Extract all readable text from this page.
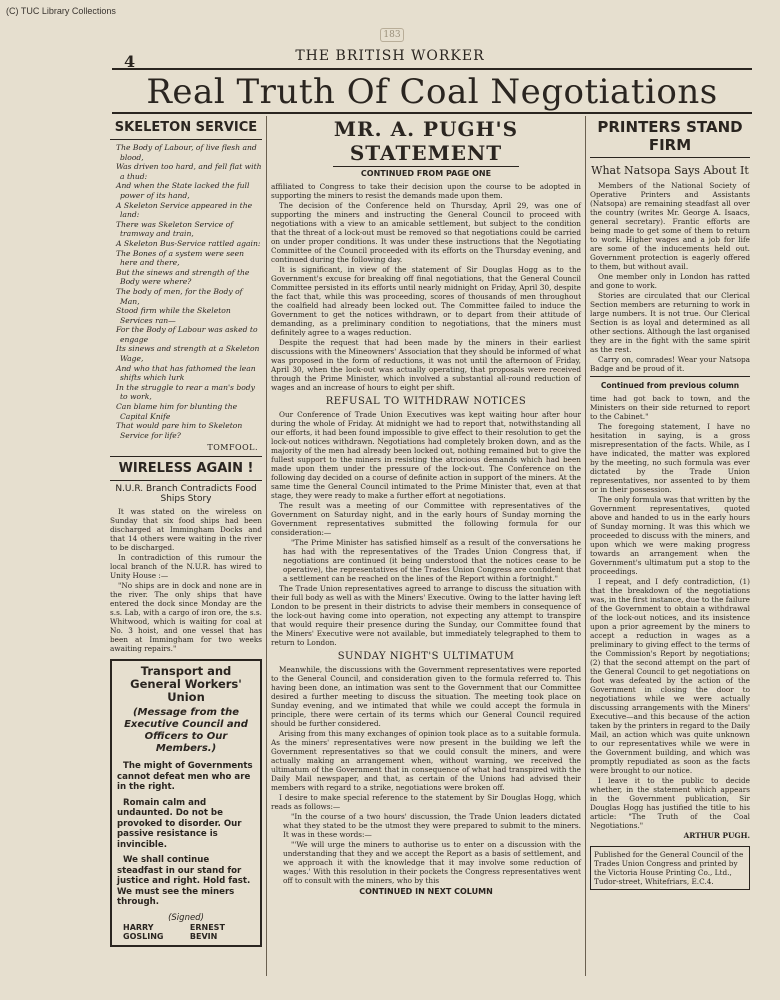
(C) TUC Library Collections
183
4	THE BRITISH WORKER
Real Truth Of Coal Negotiations
SKELETON SERVICE

The Body of Labour, of live flesh and blood,

Was driven too hard, and fell flat with a thud:

And when the State lacked the full power of its hand,

A Skeleton Service appeared in the land:

There was Skeleton Service of tramway and train,

A Skeleton Bus-Service rattled again:

The Bones of a system were seen here and there,

But the sinews and strength of the Body were where?

The body of men, for the Body of Man,

Stood firm while the Skeleton Services ran—

For the Body of Labour was asked to engage

Its sinews and strength at a Skeleton Wage,

And who that has fathomed the lean shifts which lurk

In the struggle to rear a man's body to work,

Can blame him for blunting the Capital Knife

That would pare him to Skeleton Service for life?

TOMFOOL.
WIRELESS AGAIN !
N.U.R. Branch Contradicts Food Ships Story

It was stated on the wireless on Sunday that six food ships had been discharged at Immingham Docks and that 14 others were waiting in the river to be discharged.

In contradiction of this rumour the local branch of the N.U.R. has wired to Unity House :—

"No ships are in dock and none are in the river. The only ships that have entered the dock since Monday are the s.s. Lab, with a cargo of iron ore, the s.s. Whitwood, which is waiting for coal at No. 3 hoist, and one vessel that has been at Immingham for two weeks awaiting repairs."

Transport and General Workers' Union
(Message from the Executive Council and Officers to Our Members.)

The might of Governments cannot defeat men who are in the right.

Romain calm and undaunted. Do not be provoked to disorder. Our passive resistance is invincible.

We shall continue steadfast in our stand for justice and right. Hold fast. We must see the miners through.

(Signed)
HARRY GOSLING
ERNEST BEVIN
MR. A. PUGH'S
STATEMENT
CONTINUED FROM PAGE ONE

affiliated to Congress to take their decision upon the course to be adopted in supporting the miners to resist the demands made upon them.

The decision of the Conference held on Thursday, April 29, was one of supporting the miners and instructing the General Council to proceed with negotiations with a view to an amicable settlement, but subject to the condition that the threat of a lock-out must be removed so that negotiations could be carried on under proper conditions. It was under these instructions that the Negotiating Committee of the Council proceeded with its efforts on the Thursday evening, and continued during the following day.

It is significant, in view of the statement of Sir Douglas Hogg as to the Government's excuse for breaking off final negotiations, that the General Council Committee persisted in its efforts until nearly midnight on Friday, April 30, despite the fact that, while this was proceeding, scores of thousands of men throughout the coalfield had already been locked out. The Committee failed to induce the Government to get the notices withdrawn, or to depart from their attitude of demanding, as a preliminary condition to negotiations, that the miners must definitely agree to a wages reduction.

Despite the request that had been made by the miners in their earliest discussions with the Mineowners' Association that they should be informed of what was proposed in the form of reductions, it was not until the afternoon of Friday, April 30, when the lock-out was actually operating, that proposals were received through the Prime Minister, which involved a substantial all-round reduction of wages and an increase of hours to eight per shift.

REFUSAL TO WITHDRAW NOTICES

Our Conference of Trade Union Executives was kept waiting hour after hour during the whole of Friday. At midnight we had to report that, notwithstanding all our efforts, it had been found impossible to give effect to their resolution to get the lock-out notices withdrawn. Negotiations had completely broken down, and as the majority of the men had already been locked out, nothing remained but to give the fullest support to the miners in resisting the atrocious demands which had been made upon them under the pressure of the lock-out. The Conference on the following day decided on a course of definite action in support of the miners. At the same time the General Council intimated to the Prime Minister that, even at that stage, they were ready to make a further effort at negotiations.

The result was a meeting of our Committee with representatives of the Government on Saturday night, and in the early hours of Sunday morning the Government representatives submitted the following formula for our consideration:—

"The Prime Minister has satisfied himself as a result of the conversations he has had with the representatives of the Trades Union Congress that, if negotiations are continued (it being understood that the notices cease to be operative), the representatives of the Trades Union Congress are confident that a settlement can be reached on the lines of the Report within a fortnight."

The Trade Union representatives agreed to arrange to discuss the situation with their full body as well as with the Miners' Executive. Owing to the latter having left London to be present in their districts to advise their members in consequence of the lock-out having come into operation, not expecting any attempt to transpire that would require their presence during the Sunday, our Committee found that the Miners' Executive were not available, but immediately telegraphed to them to return to London.

SUNDAY NIGHT'S ULTIMATUM

Meanwhile, the discussions with the Government representatives were reported to the General Council, and consideration given to the formula referred to. This having been done, an intimation was sent to the Government that our Committee desired a further meeting to discuss the situation. The meeting took place on Sunday evening, and we intimated that while we could accept the formula in principle, there were certain of its terms which our General Council required should be further considered.

Arising from this many exchanges of opinion took place as to a suitable formula. As the miners' representatives were now present in the building we left the Government representatives so that we could consult the miners, and were actually making an arrangement when, without warning, we received the ultimatum of the Government that in consequence of what had transpired with the Daily Mail newspaper, and that, as certain of the Unions had advised their members with regard to a strike, negotiations were broken off.

I desire to make special reference to the statement by Sir Douglas Hogg, which reads as follows:—

"In the course of a two hours' discussion, the Trade Union leaders dictated what they stated to be the utmost they were prepared to submit to the miners. It was in these words:—

"'We will urge the miners to authorise us to enter on a discussion with the understanding that they and we accept the Report as a basis of settlement, and we approach it with the knowledge that it may involve some reduction of wages.' With this resolution in their pockets the Congress representatives went off to consult with the miners, who by this

CONTINUED IN NEXT COLUMN
PRINTERS STAND FIRM
What Natsopa Says About It

Members of the National Society of Operative Printers and Assistants (Natsopa) are remaining steadfast all over the country (writes Mr. George A. Isaacs, general secretary). Frantic efforts are being made to get some of them to return to work. Higher wages and a job for life are some of the inducements held out. Government protection is eagerly offered to them, but without avail.

One member only in London has ratted and gone to work.

Stories are circulated that our Clerical Section members are returning to work in large numbers. It is not true. Our Clerical Section is as loyal and determined as all other sections. Although the last organised they are in the fight with the same spirit as the rest.

Carry on, comrades! Wear your Natsopa Badge and be proud of it.

Continued from previous column

time had got back to town, and the Ministers on their side returned to report to the Cabinet."

The foregoing statement, I have no hesitation in saying, is a gross misrepresentation of the facts. While, as I have indicated, the matter was explored by the meeting, no such formula was ever dictated by the Trade Union representatives, nor assented to by them or in their possession.

The only formula was that written by the Government representatives, quoted above and handed to us in the early hours of Sunday morning. It was this which we proceeded to discuss with the miners, and upon which we were making progress towards an arrangement when the Government's ultimatum put a stop to the proceedings.

I repeat, and I defy contradiction, (1) that the breakdown of the negotiations was, in the first instance, due to the failure of the Government to obtain a withdrawal of the lock-out notices, and its insistence upon a prior agreement by the miners to accept a reduction in wages as a preliminary to giving effect to the terms of the Commission's Report by negotiations; (2) that the second attempt on the part of the General Council to get negotiations on foot was defeated by the action of the Government in closing the door to negotiations while we were actually discussing arrangements with the Miners' Executive—and this because of the action taken by the printers in regard to the Daily Mail, an action which was quite unknown to our representatives while we were in the Government building, and which was promptly repudiated as soon as the facts were brought to our notice.

I leave it to the public to decide whether, in the statement which appears in the Government publication, Sir Douglas Hogg has justified the title to his article: "The Truth of the Coal Negotiations."

ARTHUR PUGH.
Published for the General Council of the Trades Union Congress and printed by the Victoria House Printing Co., Ltd., Tudor-street, Whitefriars, E.C.4.
